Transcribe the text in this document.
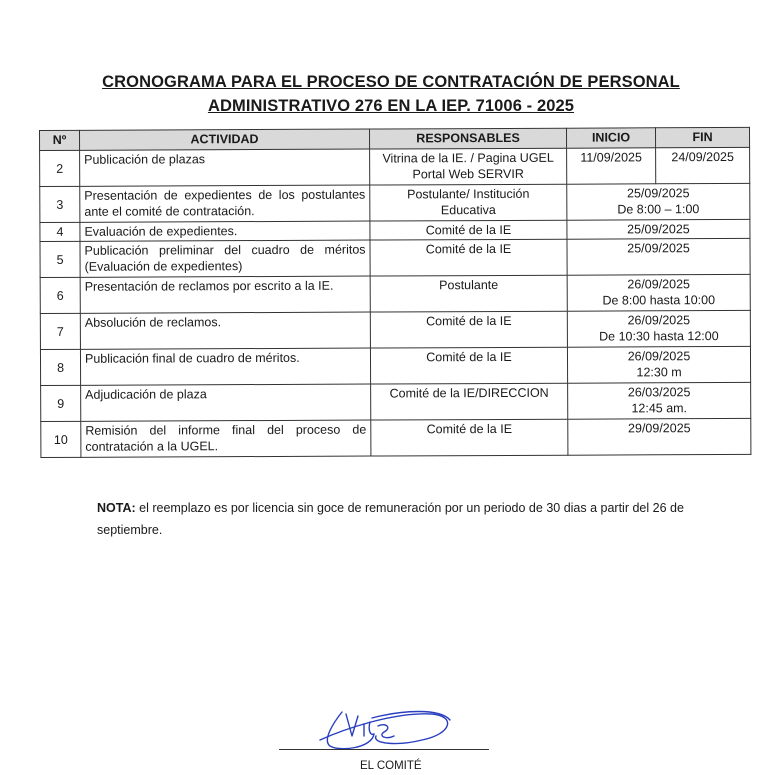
CRONOGRAMA PARA EL PROCESO DE CONTRATACIÓN DE PERSONAL
ADMINISTRATIVO 276 EN LA IEP. 71006 - 2025
Nº	ACTIVIDAD	RESPONSABLES	INICIO	FIN
2	Publicación de plazas	Vitrina de la IE. / Pagina UGEL
Portal Web SERVIR	11/09/2025	24/09/2025
3	Presentación de expedientes de los postulantes ante el comité de contratación.	Postulante/ Institución
Educativa	25/09/2025
De 8:00 – 1:00	
4	Evaluación de expedientes.	Comité de la IE	25/09/2025	
5	Publicación preliminar del cuadro de méritos (Evaluación de expedientes)	Comité de la IE	25/09/2025	
6	Presentación de reclamos por escrito a la IE.	Postulante	26/09/2025
De 8:00 hasta 10:00	
7	Absolución de reclamos.	Comité de la IE	26/09/2025
De 10:30 hasta 12:00	
8	Publicación final de cuadro de méritos.	Comité de la IE	26/09/2025
12:30 m	
9	Adjudicación de plaza	Comité de la IE/DIRECCION	26/03/2025
12:45 am.	
10	Remisión del informe final del proceso de contratación a la UGEL.	Comité de la IE	29/09/2025	
NOTA: el reemplazo es por licencia sin goce de remuneración por un periodo de 30 dias a partir del 26 de septiembre.
EL COMITÉ
